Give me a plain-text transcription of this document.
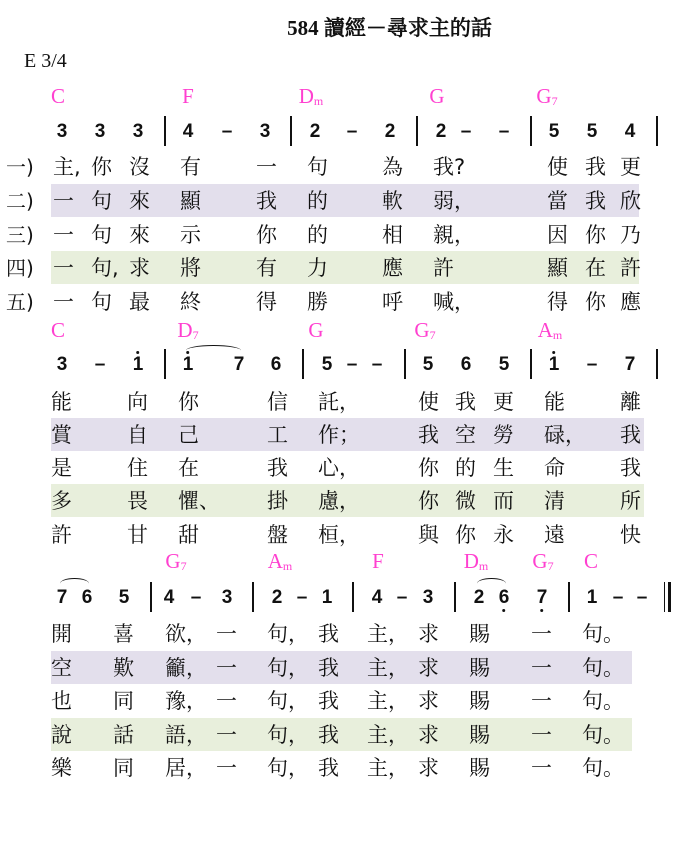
584 讀經－尋求主的話
E 3/4
C	F	$D_m$	G	$G_7$
3 3 3 4 – 3 2 – 2 2 – – 5 5 4
一) 主, 你 沒 有	一 句	為 我?	使 我 更
二) 一 句 來 顯	我 的	軟 弱，	當 我 欣
三) 一 句 來 示	你 的	相 親，	因 你 乃
四) 一 句, 求 將	有 力	應 許	顯 在 許
五) 一 句 最 終	得 勝	呼 喊，	得 你 應
C	$D_7$	G	$G_7$	$A_m$
3 – 1 1 7 6 5 – – 5 6 5 1 – 7
能	向 你	信 託，	使 我 更 能	離
賞	自 己	工 作；	我 空 勞 碌， 我
是	住 在	我 心，	你 的 生 命	我
多	畏 懼、 掛 慮，	你 微 而 清	所
許	甘 甜	盤 桓，	與 你 永 遠	快
$G_7$	$A_m$	F	$D_m$ $G_7$ C
7 6 5 4 – 3 2 – 1 4 – 3 2 6 7 1 – –
開 喜 欲， 一 句， 我 主， 求 賜 一 句。
空 歎 籲， 一 句， 我 主， 求 賜 一 句。
也 同 豫， 一 句， 我 主， 求 賜 一 句。
說 話 語， 一 句， 我 主， 求 賜 一 句。
樂 同 居， 一 句， 我 主， 求 賜 一 句。
